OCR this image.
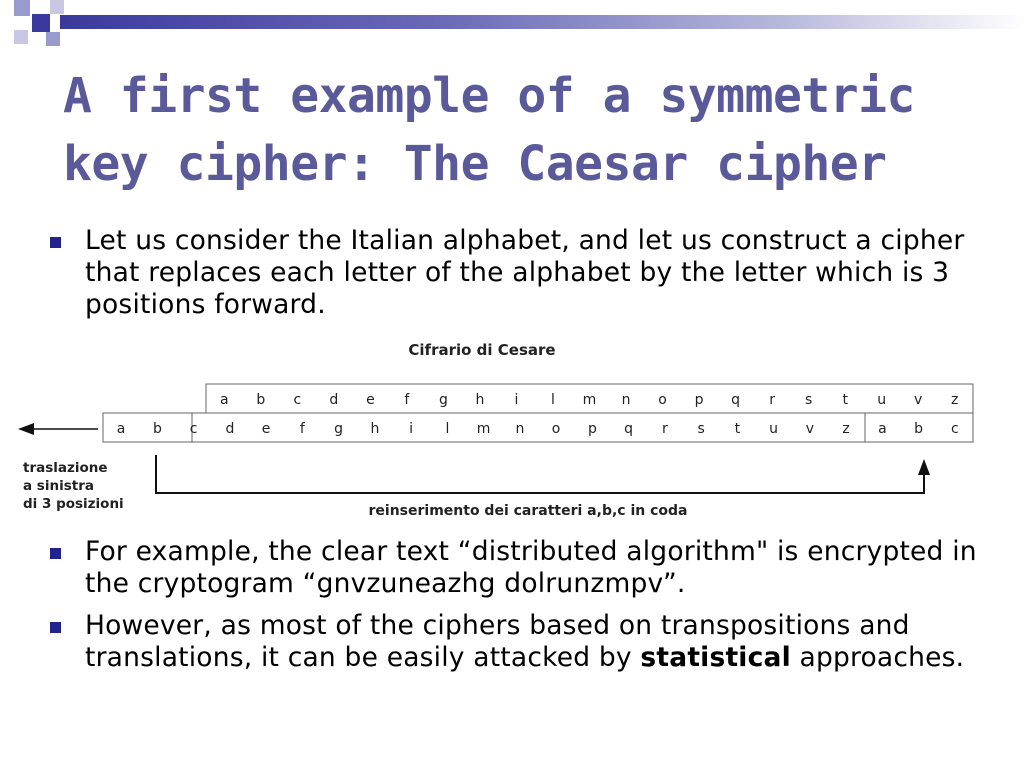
A first example of a symmetric
key cipher: The Caesar cipher
Let us consider the Italian alphabet, and let us construct a cipher that replaces each letter of the alphabet by the letter which is 3 positions forward.
Cifrario di Cesare
a b c d e f g h i l m n o p q r s t u v z
a b c d e f g h i l m n o p q r s t u v z a b c
traslazione
a sinistra
di 3 posizioni	reinserimento dei caratteri a,b,c in coda
For example, the clear text “distributed algorithm" is encrypted in the cryptogram “gnvzuneazhg dolrunzmpv”.
However, as most of the ciphers based on transpositions and translations, it can be easily attacked by statistical approaches.
